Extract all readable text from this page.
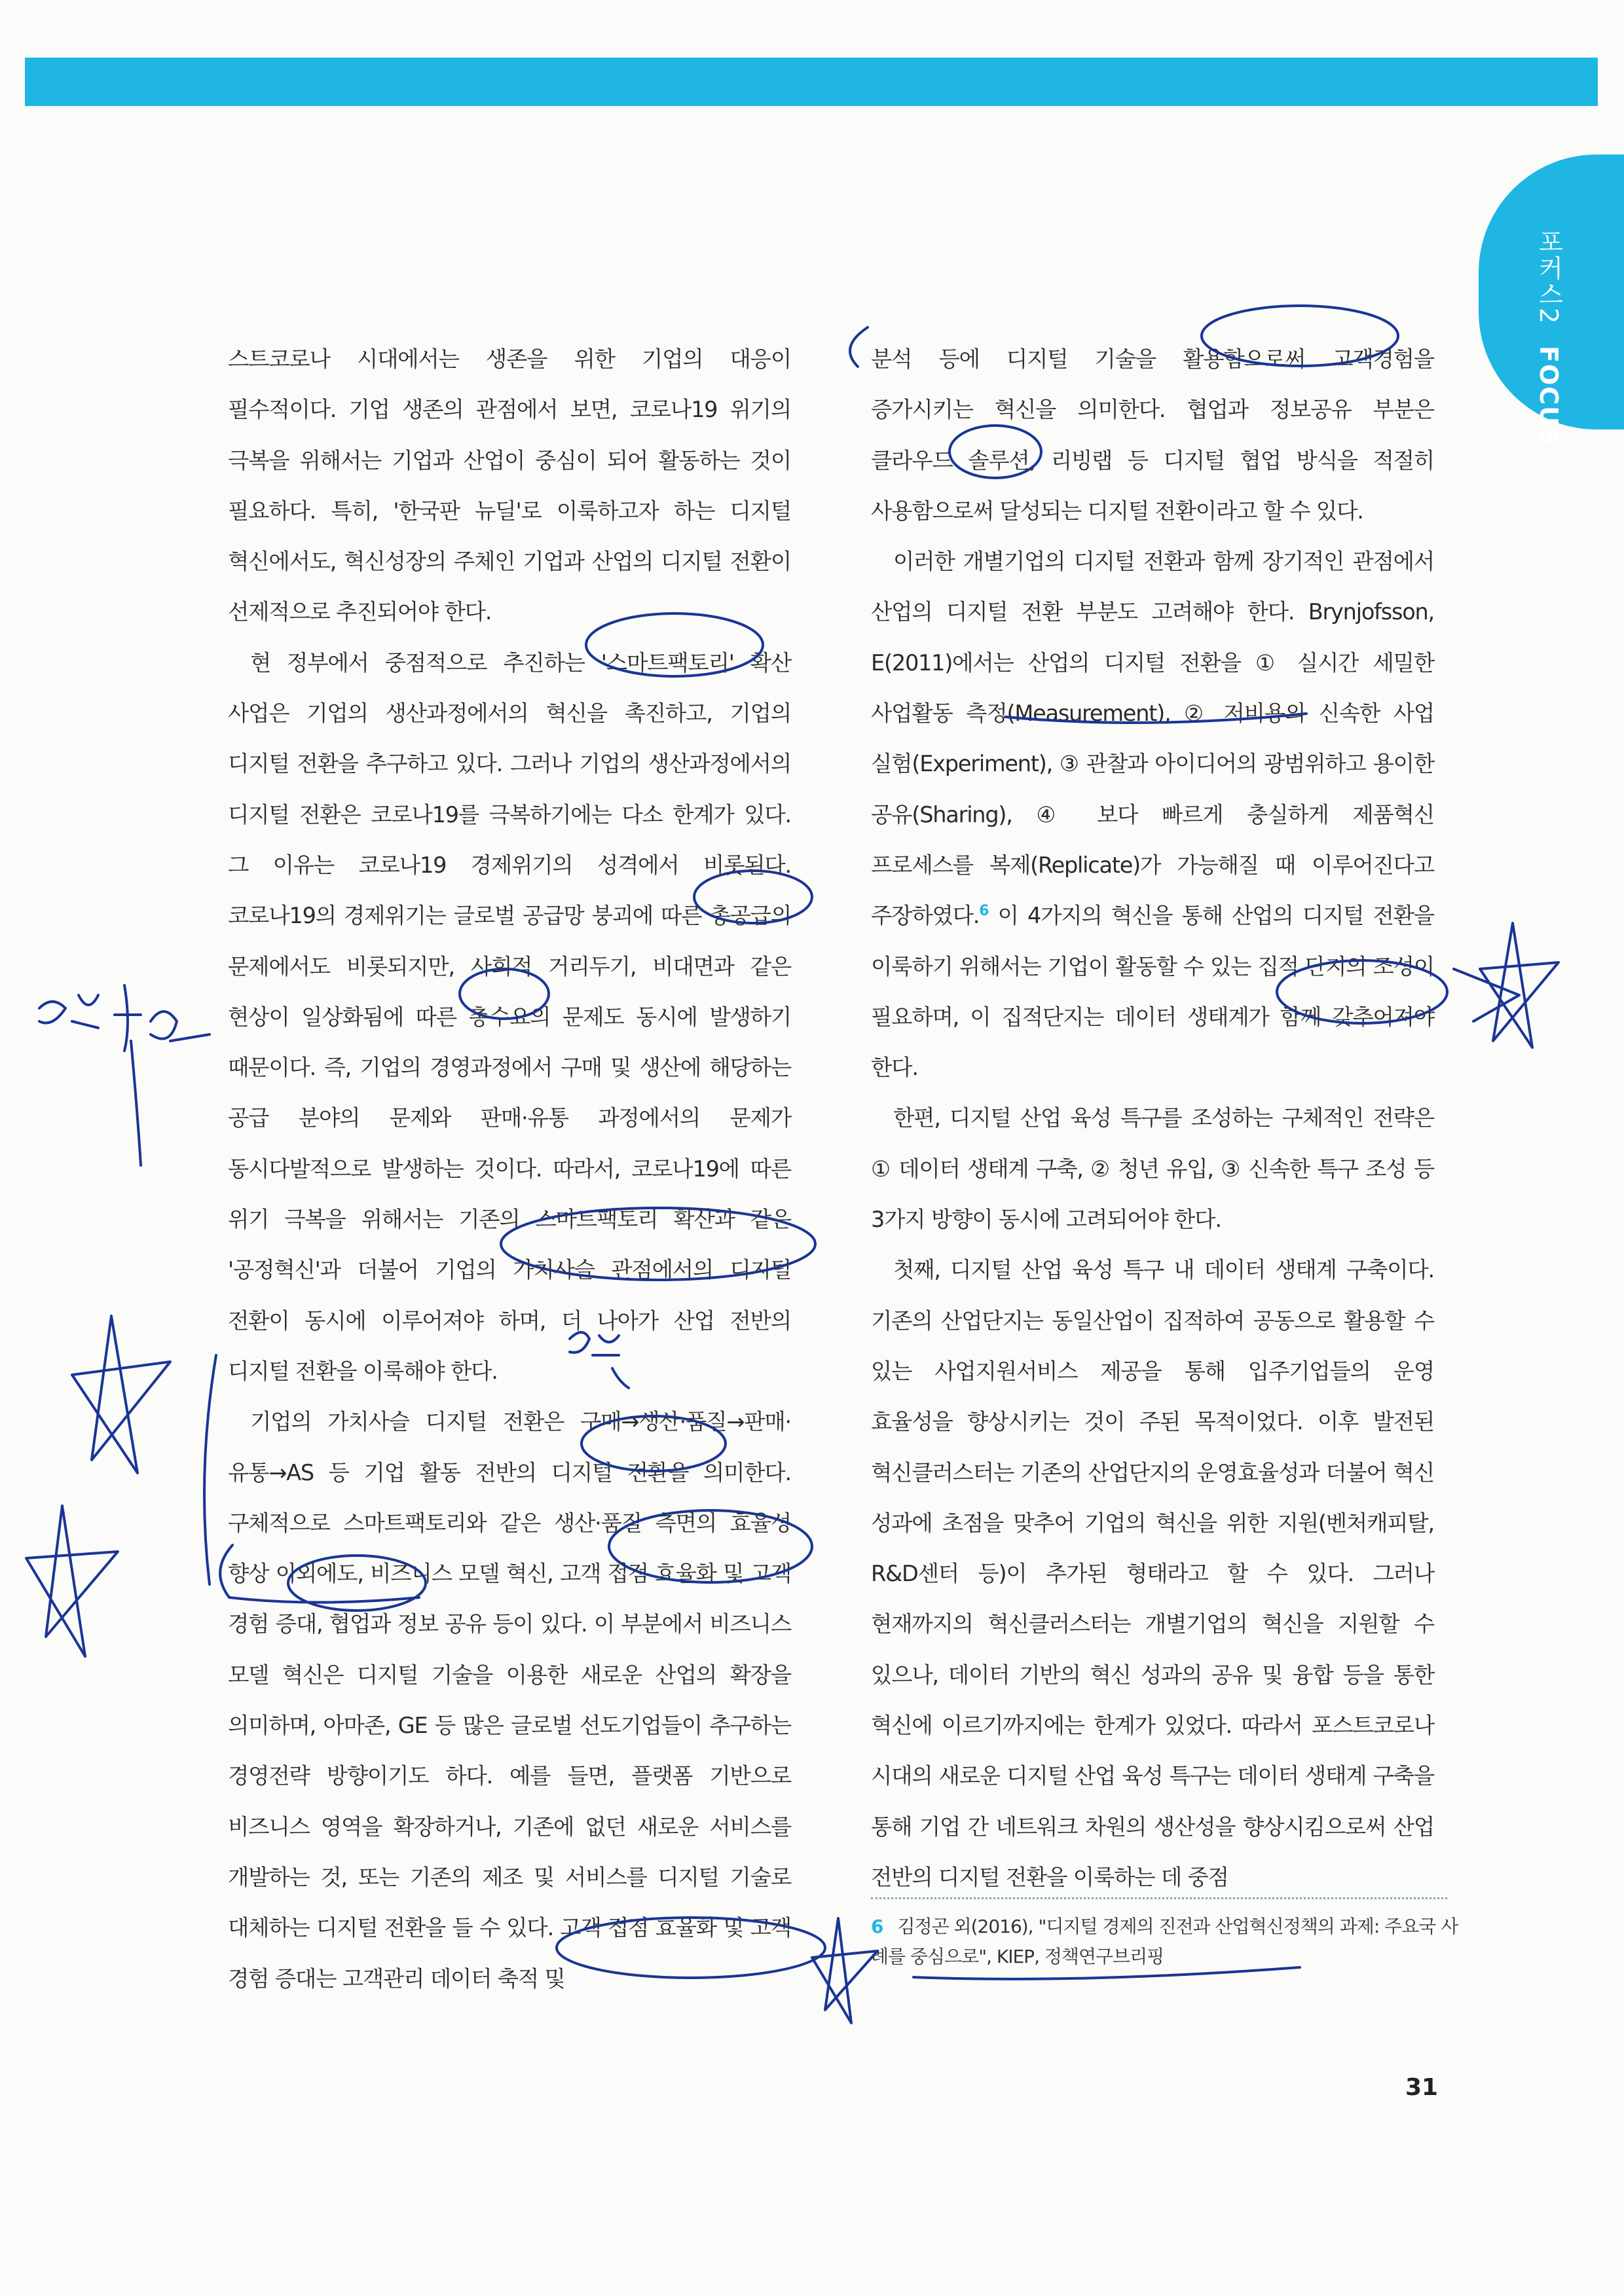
포커스2 FOCUS

스트코로나 시대에서는 생존을 위한 기업의 대응이 필수적이다. 기업 생존의 관점에서 보면, 코로나19 위기의 극복을 위해서는 기업과 산업이 중심이 되어 활동하는 것이 필요하다. 특히, '한국판 뉴딜'로 이룩하고자 하는 디지털 혁신에서도, 혁신성장의 주체인 기업과 산업의 디지털 전환이 선제적으로 추진되어야 한다.

현 정부에서 중점적으로 추진하는 '스마트팩토리' 확산 사업은 기업의 생산과정에서의 혁신을 촉진하고, 기업의 디지털 전환을 추구하고 있다. 그러나 기업의 생산과정에서의 디지털 전환은 코로나19를 극복하기에는 다소 한계가 있다. 그 이유는 코로나19 경제위기의 성격에서 비롯된다. 코로나19의 경제위기는 글로벌 공급망 붕괴에 따른 총공급의 문제에서도 비롯되지만, 사회적 거리두기, 비대면과 같은 현상이 일상화됨에 따른 총수요의 문제도 동시에 발생하기 때문이다. 즉, 기업의 경영과정에서 구매 및 생산에 해당하는 공급 분야의 문제와 판매·유통 과정에서의 문제가 동시다발적으로 발생하는 것이다. 따라서, 코로나19에 따른 위기 극복을 위해서는 기존의 스마트팩토리 확산과 같은 '공정혁신'과 더불어 기업의 가치사슬 관점에서의 디지털 전환이 동시에 이루어져야 하며, 더 나아가 산업 전반의 디지털 전환을 이룩해야 한다.

기업의 가치사슬 디지털 전환은 구매→생산·품질→판매·유통→AS 등 기업 활동 전반의 디지털 전환을 의미한다. 구체적으로 스마트팩토리와 같은 생산·품질 측면의 효율성 향상 이외에도, 비즈니스 모델 혁신, 고객 접점 효율화 및 고객 경험 증대, 협업과 정보 공유 등이 있다. 이 부분에서 비즈니스 모델 혁신은 디지털 기술을 이용한 새로운 산업의 확장을 의미하며, 아마존, GE 등 많은 글로벌 선도기업들이 추구하는 경영전략 방향이기도 하다. 예를 들면, 플랫폼 기반으로 비즈니스 영역을 확장하거나, 기존에 없던 새로운 서비스를 개발하는 것, 또는 기존의 제조 및 서비스를 디지털 기술로 대체하는 디지털 전환을 들 수 있다. 고객 접점 효율화 및 고객 경험 증대는 고객관리 데이터 축적 및

분석 등에 디지털 기술을 활용함으로써 고객경험을 증가시키는 혁신을 의미한다. 협업과 정보공유 부분은 클라우드 솔루션, 리빙랩 등 디지털 협업 방식을 적절히 사용함으로써 달성되는 디지털 전환이라고 할 수 있다.

이러한 개별기업의 디지털 전환과 함께 장기적인 관점에서 산업의 디지털 전환 부분도 고려해야 한다. Brynjofsson, E(2011)에서는 산업의 디지털 전환을 ① 실시간 세밀한 사업활동 측정(Measurement), ② 저비용의 신속한 사업 실험(Experiment), ③ 관찰과 아이디어의 광범위하고 용이한 공유(Sharing), ④ 보다 빠르게 충실하게 제품혁신 프로세스를 복제(Replicate)가 가능해질 때 이루어진다고 주장하였다.$^6$ 이 4가지의 혁신을 통해 산업의 디지털 전환을 이룩하기 위해서는 기업이 활동할 수 있는 집적 단지의 조성이 필요하며, 이 집적단지는 데이터 생태계가 함께 갖추어져야 한다.

한편, 디지털 산업 육성 특구를 조성하는 구체적인 전략은 ① 데이터 생태계 구축, ② 청년 유입, ③ 신속한 특구 조성 등 3가지 방향이 동시에 고려되어야 한다.

첫째, 디지털 산업 육성 특구 내 데이터 생태계 구축이다. 기존의 산업단지는 동일산업이 집적하여 공동으로 활용할 수 있는 사업지원서비스 제공을 통해 입주기업들의 운영 효율성을 향상시키는 것이 주된 목적이었다. 이후 발전된 혁신클러스터는 기존의 산업단지의 운영효율성과 더불어 혁신 성과에 초점을 맞추어 기업의 혁신을 위한 지원(벤처캐피탈, R&D센터 등)이 추가된 형태라고 할 수 있다. 그러나 현재까지의 혁신클러스터는 개별기업의 혁신을 지원할 수 있으나, 데이터 기반의 혁신 성과의 공유 및 융합 등을 통한 혁신에 이르기까지에는 한계가 있었다. 따라서 포스트코로나 시대의 새로운 디지털 산업 육성 특구는 데이터 생태계 구축을 통해 기업 간 네트워크 차원의 생산성을 향상시킴으로써 산업 전반의 디지털 전환을 이룩하는 데 중점

6 김정곤 외(2016), "디지털 경제의 진전과 산업혁신정책의 과제: 주요국 사례를 중심으로", KIEP, 정책연구브리핑
31
